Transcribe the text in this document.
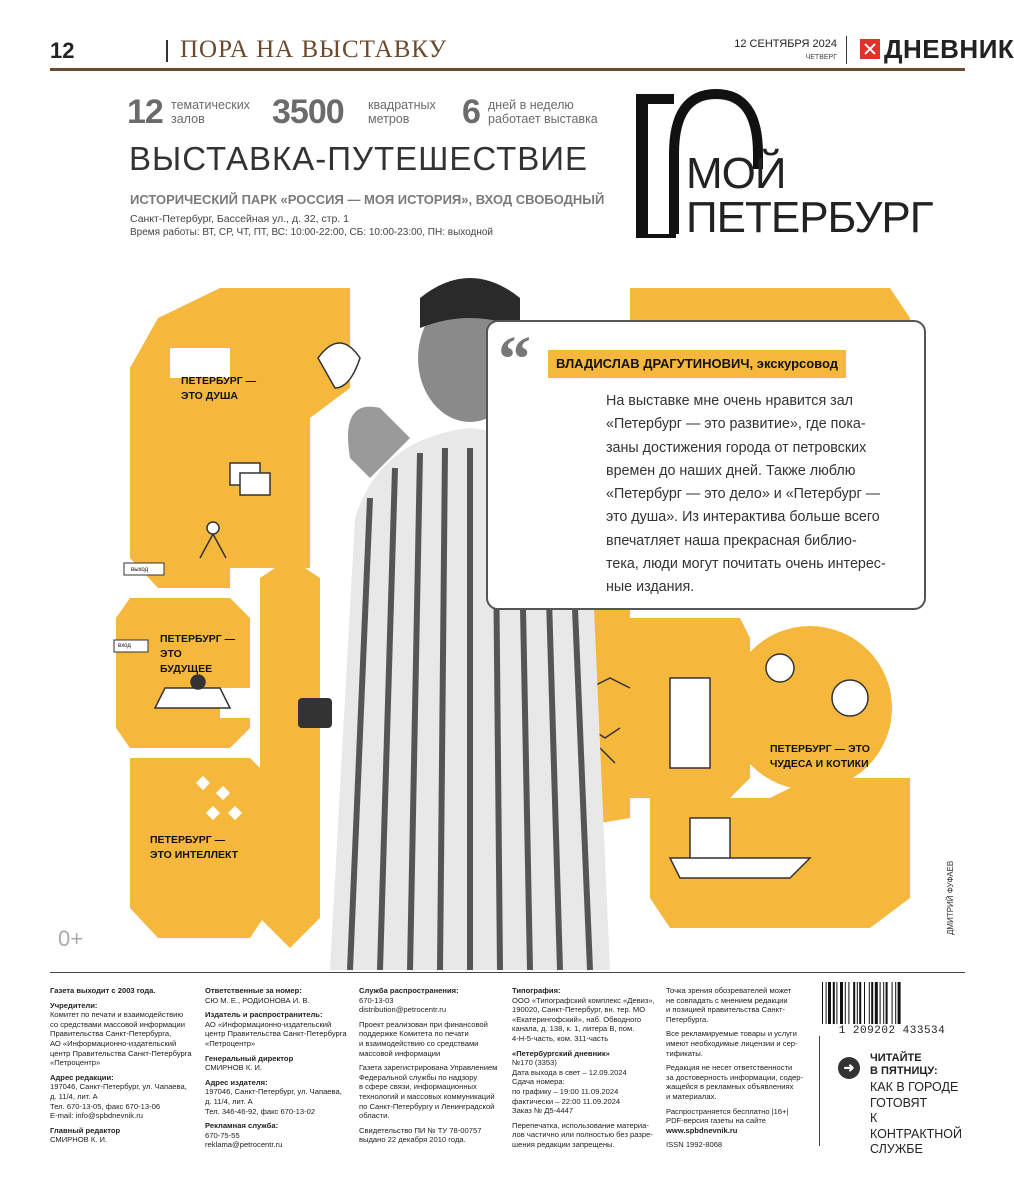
12	ПОРА НА ВЫСТАВКУ	12 СЕНТЯБРЯ 2024
ЧЕТВЕРГ ДНЕВНИК
12 тематических
залов	3500 квадратных
метров	6 дней в неделю
работает выставка
ВЫСТАВКА-ПУТЕШЕСТВИЕ
ИСТОРИЧЕСКИЙ ПАРК «РОССИЯ — МОЯ ИСТОРИЯ», ВХОД СВОБОДНЫЙ
Санкт-Петербург, Бассейная ул., д. 32, стр. 1
Время работы: ВТ, СР, ЧТ, ПТ, ВС: 10:00-22:00, СБ: 10:00-23:00, ПН: выходной
МОЙ
ПЕТЕРБУРГ
ПЕТЕРБУРГ —
ЭТО ДУША
ПЕТЕРБУРГ —
ЭТО
БУДУЩЕЕ
ПЕТЕРБУРГ —
ЭТО ИНТЕЛЛЕКТ
ПЕТЕРБУРГ — ЭТО
ЧУДЕСА И КОТИКИ
выход
вход
“	ВЛАДИСЛАВ ДРАГУТИНОВИЧ, экскурсовод
На выставке мне очень нравится зал
«Петербург — это развитие», где пока-
заны достижения города от петровских
времен до наших дней. Также люблю
«Петербург — это дело» и «Петербург —
это душа». Из интерактива больше всего
впечатляет наша прекрасная библио-
тека, люди могут почитать очень интерес-
ные издания.
0+
ДМИТРИЙ ФУФАЕВ

Газета выходит с 2003 года.

Учредители:
Комитет по печати и взаимодействию
со средствами массовой информации
Правительства Санкт-Петербурга,
АО «Информационно-издательский
центр Правительства Санкт-Петербурга
«Петроцентр»

Адрес редакции:
197046, Санкт-Петербург, ул. Чапаева,
д. 11/4, лит. А
Тел. 670-13-05, факс 670-13-06
E-mail: info@spbdnevnik.ru

Главный редактор
СМИРНОВ К. И.

Ответственные за номер:
СЮ М. Е., РОДИОНОВА И. В.

Издатель и распространитель:
АО «Информационно-издательский
центр Правительства Санкт-Петербурга
«Петроцентр»

Генеральный директор
СМИРНОВ К. И.

Адрес издателя:
197046, Санкт-Петербург, ул. Чапаева,
д. 11/4, лит. А
Тел. 346-46-92, факс 670-13-02

Рекламная служба:
670-75-55
reklama@petrocentr.ru

Служба распространения:
670-13-03
distribution@petrocentr.ru

Проект реализован при финансовой
поддержке Комитета по печати
и взаимодействию со средствами
массовой информации

Газета зарегистрирована Управлением
Федеральной службы по надзору
в сфере связи, информационных
технологий и массовых коммуникаций
по Санкт-Петербургу и Ленинградской
области.

Свидетельство ПИ № ТУ 78-00757
выдано 22 декабря 2010 года.

Типография:
ООО «Типографский комплекс «Девиз»,
190020, Санкт-Петербург, вн. тер. МО
«Екатерингофский», наб. Обводного
канала, д. 138, к. 1, литера В, пом.
4-Н-5-часть, ком. 311-часть

«Петербургский дневник»
№170 (3353)
Дата выхода в свет – 12.09.2024
Сдача номера:
по графику – 19:00 11.09.2024
фактически – 22:00 11.09.2024
Заказ № Д5-4447

Перепечатка, использование материа-
лов частично или полностью без разре-
шения редакции запрещены.

Точка зрения обозревателей может
не совпадать с мнением редакции
и позицией правительства Санкт-
Петербурга.

Все рекламируемые товары и услуги
имеют необходимые лицензии и сер-
тификаты.

Редакция не несет ответственности
за достоверность информации, содер-
жащейся в рекламных объявлениях
и материалах.

Распространяется бесплатно |16+|
PDF-версия газеты на сайте

www.spbdnevnik.ru

ISSN 1992-8068

1 209202 433534
➜
ЧИТАЙТЕ
В ПЯТНИЦУ:
КАК В ГОРОДЕ
ГОТОВЯТ
К КОНТРАКТНОЙ
СЛУЖБЕ
